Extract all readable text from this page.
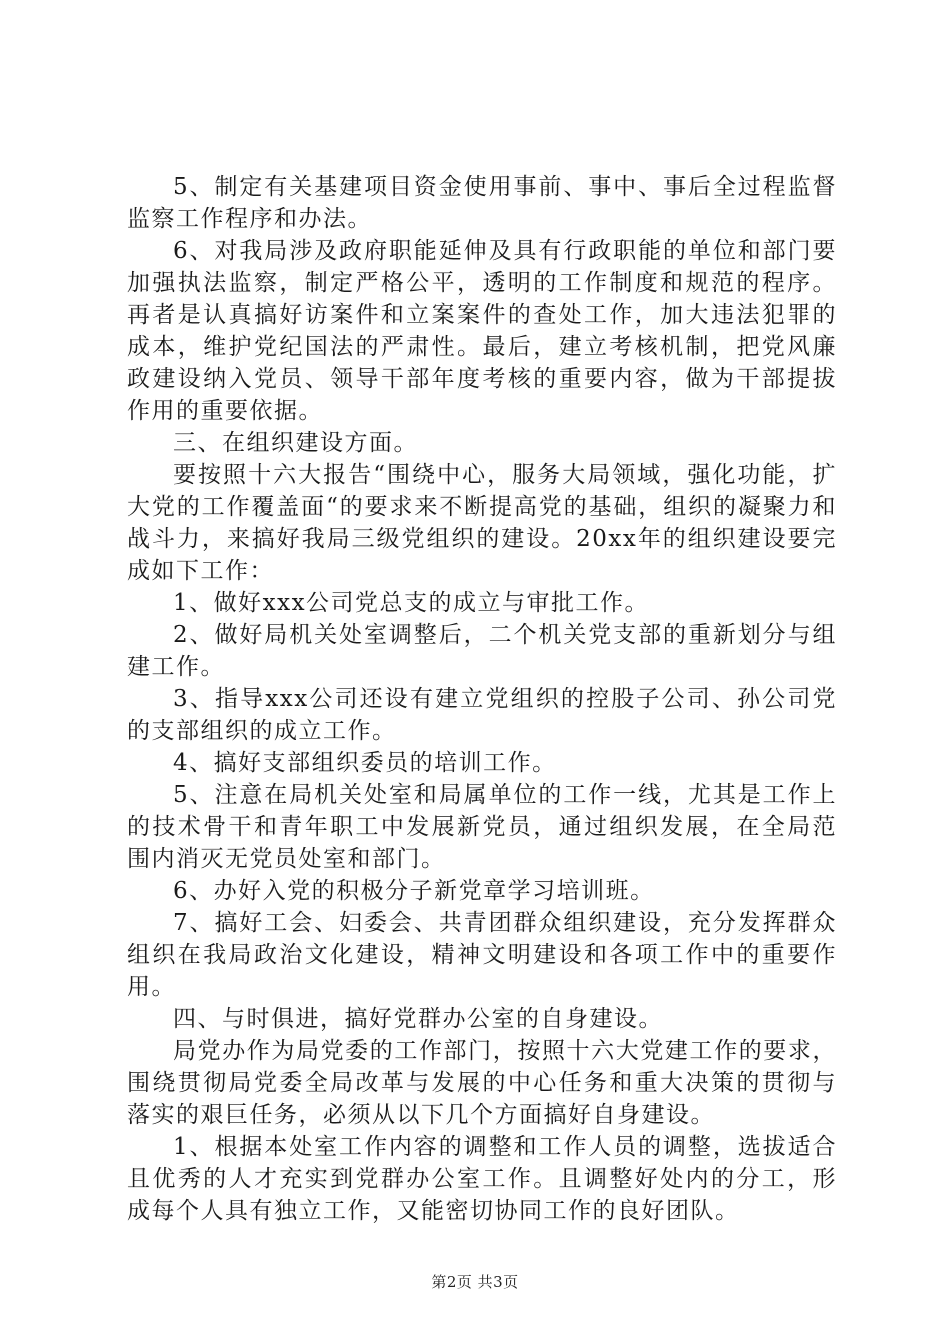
5、制定有关基建项目资金使用事前、事中、事后全过程监督监察工作程序和办法。

6、对我局涉及政府职能延伸及具有行政职能的单位和部门要加强执法监察，制定严格公平，透明的工作制度和规范的程序。再者是认真搞好访案件和立案案件的查处工作，加大违法犯罪的成本，维护党纪国法的严肃性。最后，建立考核机制，把党风廉政建设纳入党员、领导干部年度考核的重要内容，做为干部提拔作用的重要依据。

三、在组织建设方面。

要按照十六大报告“围绕中心，服务大局领域，强化功能，扩大党的工作覆盖面“的要求来不断提高党的基础，组织的凝聚力和战斗力，来搞好我局三级党组织的建设。20xx年的组织建设要完成如下工作：

1、做好xxx公司党总支的成立与审批工作。

2、做好局机关处室调整后，二个机关党支部的重新划分与组建工作。

3、指导xxx公司还设有建立党组织的控股子公司、孙公司党的支部组织的成立工作。

4、搞好支部组织委员的培训工作。

5、注意在局机关处室和局属单位的工作一线，尤其是工作上的技术骨干和青年职工中发展新党员，通过组织发展，在全局范围内消灭无党员处室和部门。

6、办好入党的积极分子新党章学习培训班。

7、搞好工会、妇委会、共青团群众组织建设，充分发挥群众组织在我局政治文化建设，精神文明建设和各项工作中的重要作用。

四、与时俱进，搞好党群办公室的自身建设。

局党办作为局党委的工作部门，按照十六大党建工作的要求，围绕贯彻局党委全局改革与发展的中心任务和重大决策的贯彻与落实的艰巨任务，必须从以下几个方面搞好自身建设。

1、根据本处室工作内容的调整和工作人员的调整，选拔适合且优秀的人才充实到党群办公室工作。且调整好处内的分工，形成每个人具有独立工作，又能密切协同工作的良好团队。

第2页 共3页
